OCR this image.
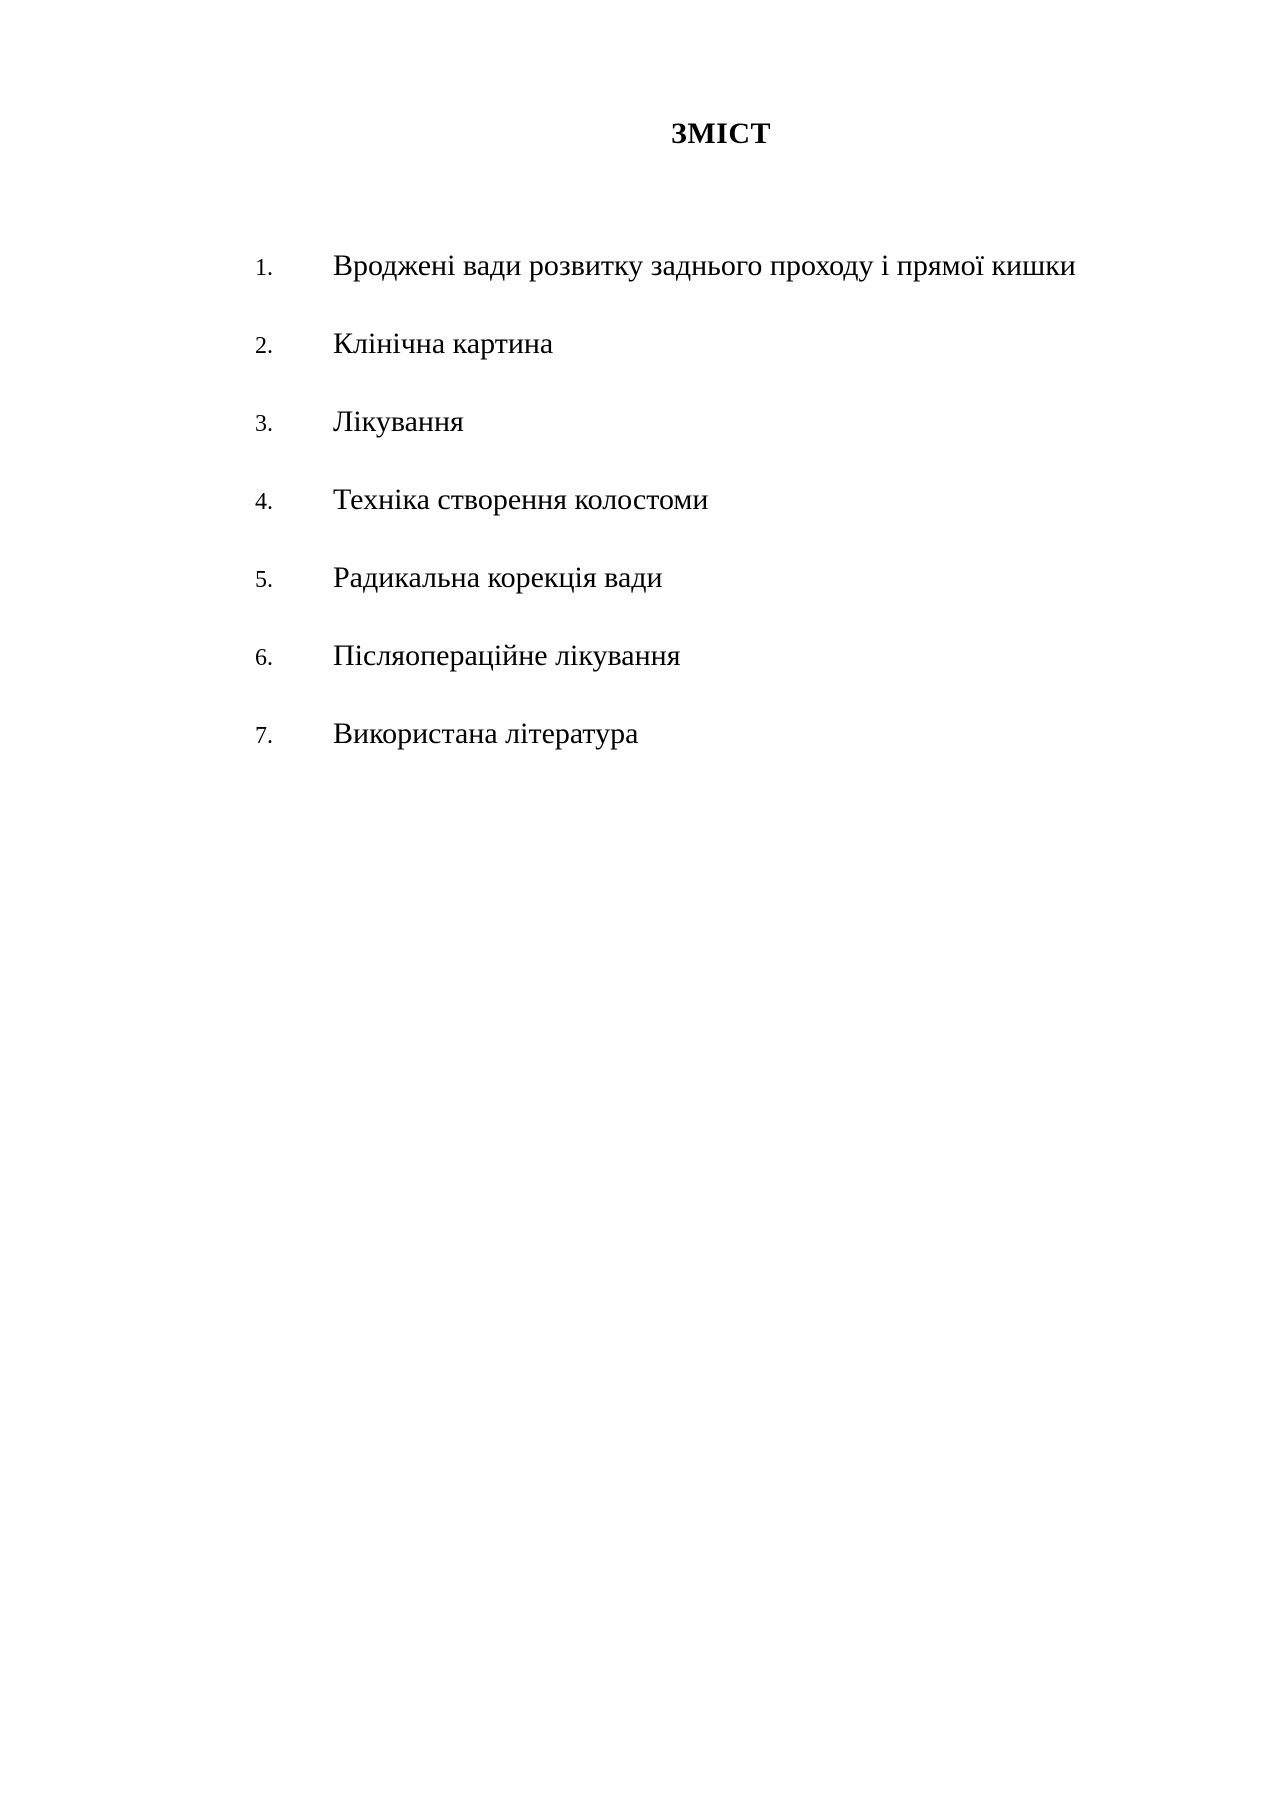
ЗМІСТ
1. Вроджені вади розвитку заднього проходу і прямої кишки
2. Клінічна картина
3. Лікування
4. Техніка створення колостоми
5. Радикальна корекція вади
6. Післяопераційне лікування
7. Використана література
